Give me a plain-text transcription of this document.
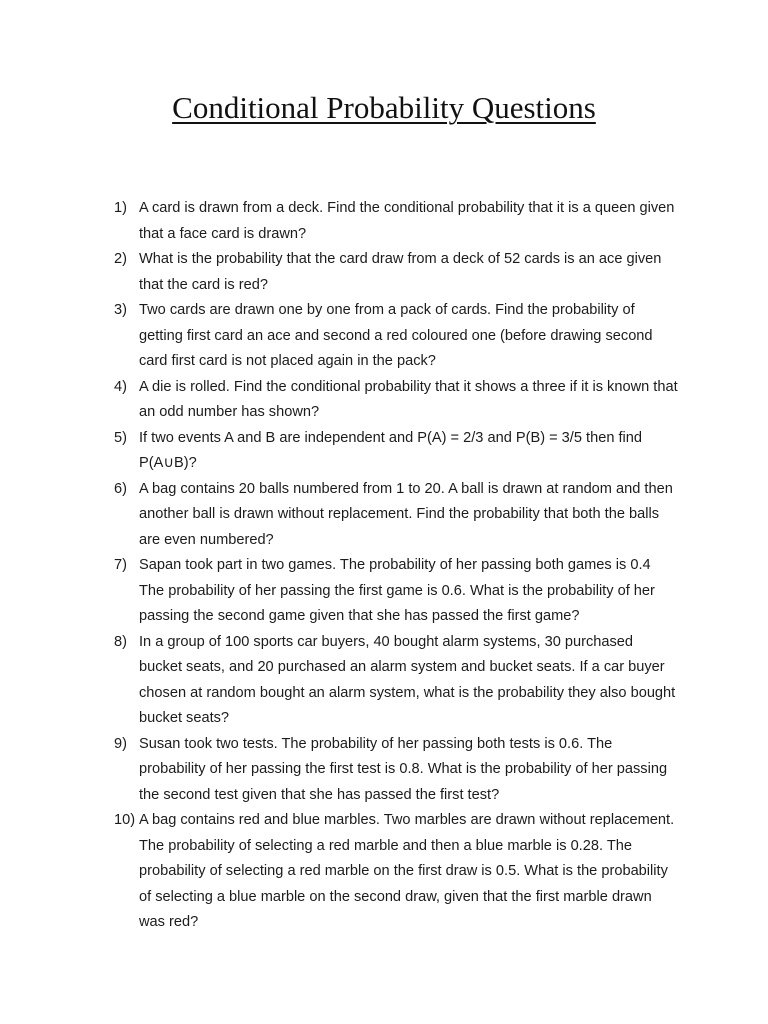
Conditional Probability Questions
1) A card is drawn from a deck. Find the conditional probability that it is a queen given that a face card is drawn?
2) What is the probability that the card draw from a deck of 52 cards is an ace given that the card is red?
3) Two cards are drawn one by one from a pack of cards. Find the probability of getting first card an ace and second a red coloured one (before drawing second card first card is not placed again in the pack?
4) A die is rolled. Find the conditional probability that it shows a three if it is known that an odd number has shown?
5) If two events A and B are independent and P(A) = 2/3 and P(B) = 3/5 then find P(A∪B)?
6) A bag contains 20 balls numbered from 1 to 20. A ball is drawn at random and then another ball is drawn without replacement. Find the probability that both the balls are even numbered?
7) Sapan took part in two games. The probability of her passing both games is 0.4 The probability of her passing the first game is 0.6. What is the probability of her passing the second game given that she has passed the first game?
8) In a group of 100 sports car buyers, 40 bought alarm systems, 30 purchased bucket seats, and 20 purchased an alarm system and bucket seats. If a car buyer chosen at random bought an alarm system, what is the probability they also bought bucket seats?
9) Susan took two tests. The probability of her passing both tests is 0.6. The probability of her passing the first test is 0.8. What is the probability of her passing the second test given that she has passed the first test?
10) A bag contains red and blue marbles. Two marbles are drawn without replacement. The probability of selecting a red marble and then a blue marble is 0.28. The probability of selecting a red marble on the first draw is 0.5. What is the probability of selecting a blue marble on the second draw, given that the first marble drawn was red?
